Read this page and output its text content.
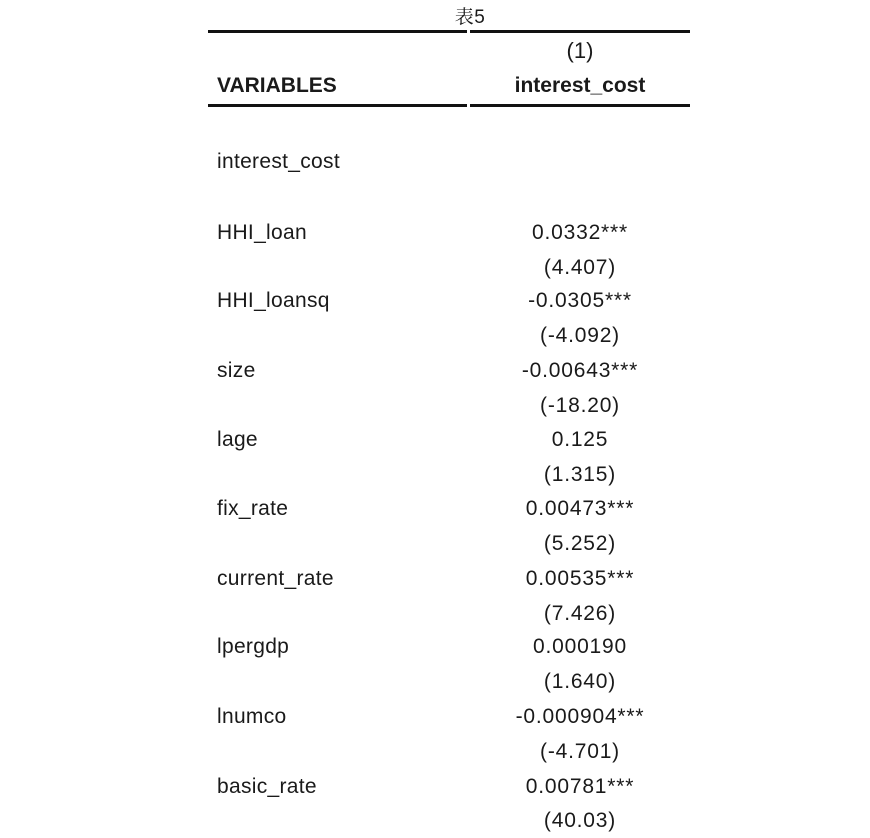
表5
(1)
VARIABLES	interest_cost
interest_cost
HHI_loan	0.0332***
(4.407)
HHI_loansq	-0.0305***
(-4.092)
size	-0.00643***
(-18.20)
lage	0.125
(1.315)
fix_rate	0.00473***
(5.252)
current_rate	0.00535***
(7.426)
lpergdp	0.000190
(1.640)
lnumco	-0.000904***
(-4.701)
basic_rate	0.00781***
(40.03)
